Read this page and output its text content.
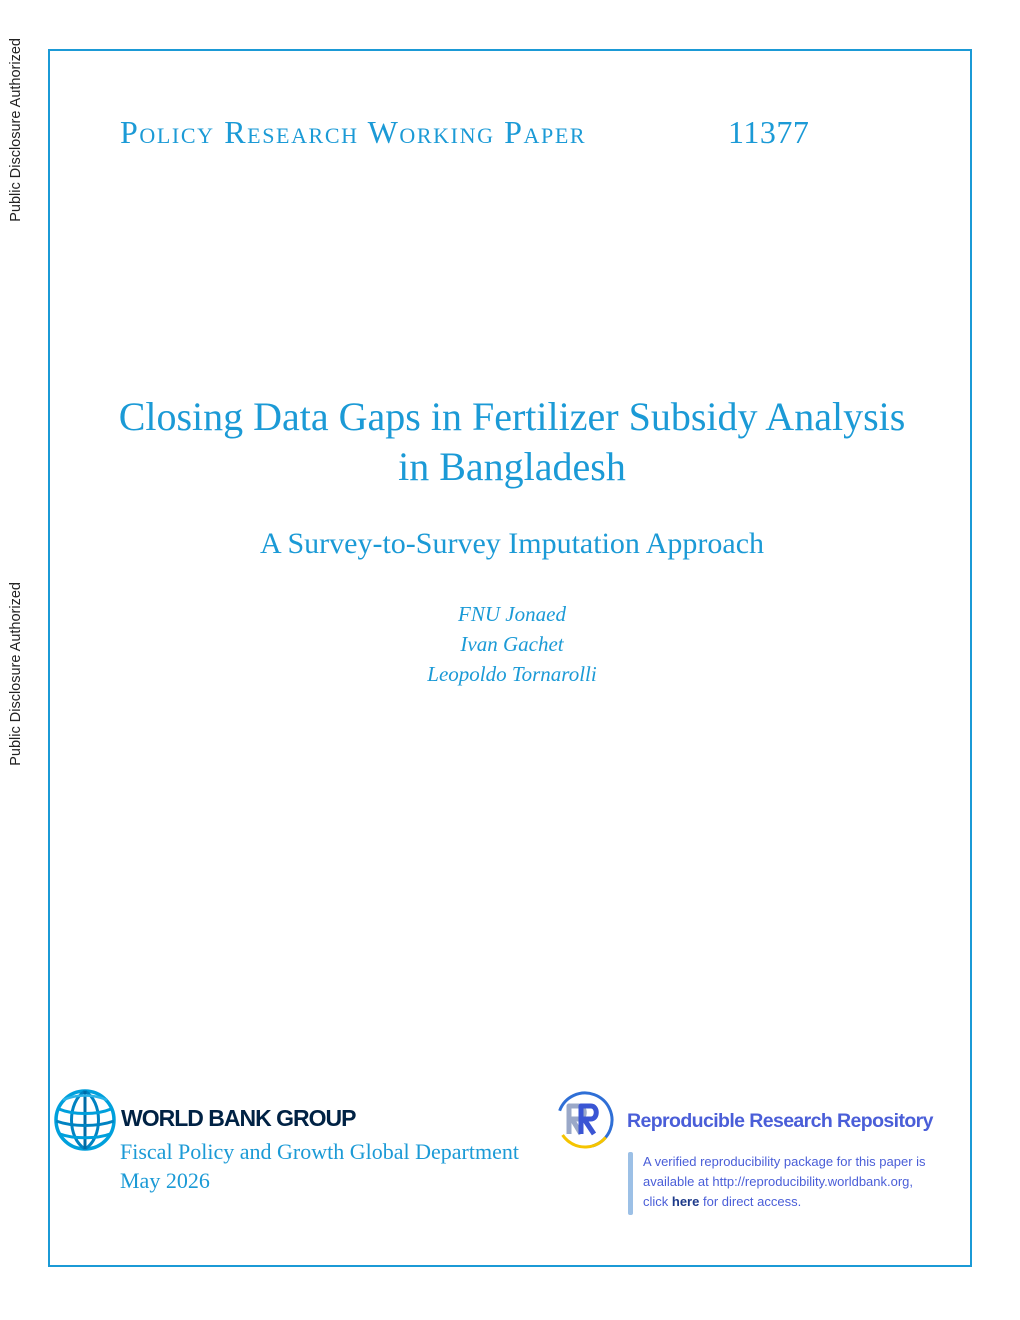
Public Disclosure Authorized
Public Disclosure Authorized
Policy Research Working Paper	11377
Closing Data Gaps in Fertilizer Subsidy Analysis
in Bangladesh
A Survey-to-Survey Imputation Approach
FNU Jonaed
Ivan Gachet
Leopoldo Tornarolli
WORLD BANK GROUP
Fiscal Policy and Growth Global Department
May 2026
Reproducible Research Repository
A verified reproducibility package for this paper is
available at http://reproducibility.worldbank.org,
click here for direct access.
